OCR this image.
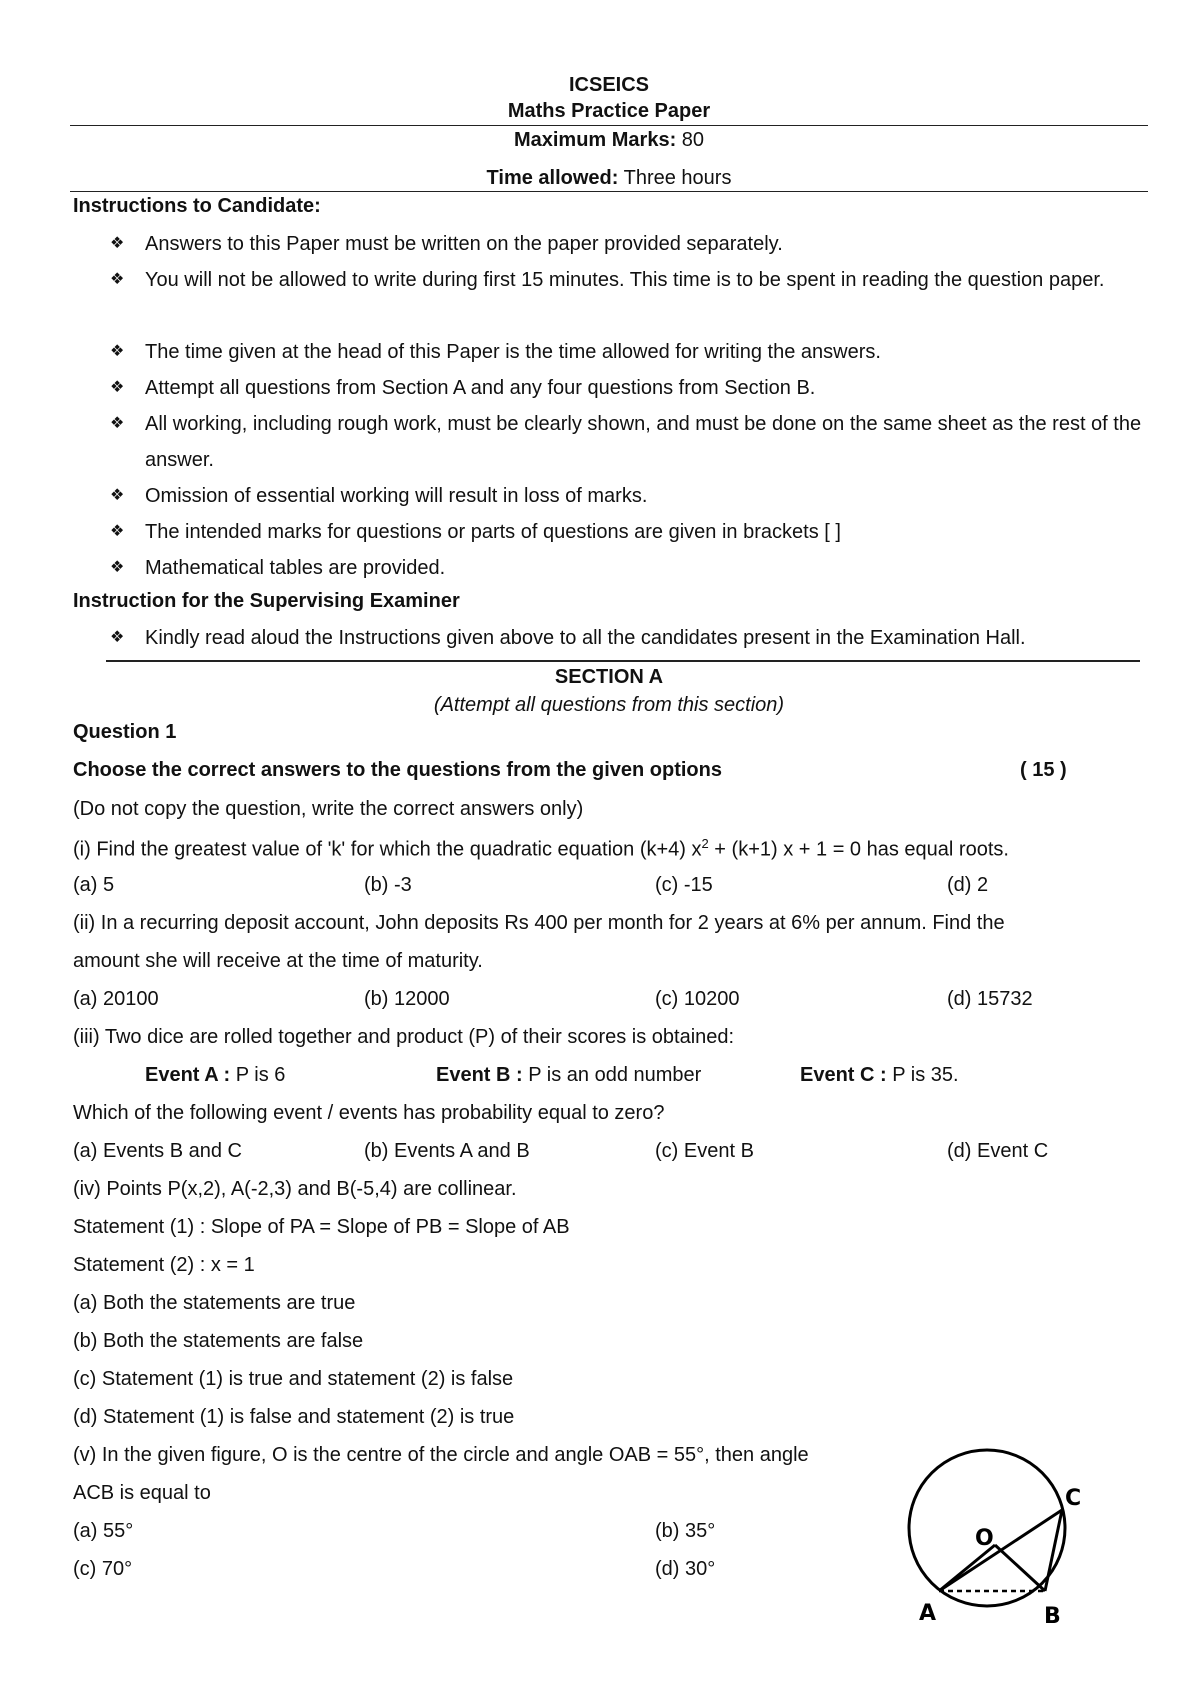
ICSEICS
Maths Practice Paper
Maximum Marks: 80
Time allowed: Three hours
Instructions to Candidate:
❖	Answers to this Paper must be written on the paper provided separately.
❖	You will not be allowed to write during first 15 minutes. This time is to be spent in reading the question paper.
❖	The time given at the head of this Paper is the time allowed for writing the answers.
❖	Attempt all questions from Section A and any four questions from Section B.
❖	All working, including rough work, must be clearly shown, and must be done on the same sheet as the rest of the answer.
❖	Omission of essential working will result in loss of marks.
❖	The intended marks for questions or parts of questions are given in brackets [ ]
❖	Mathematical tables are provided.
Instruction for the Supervising Examiner
❖	Kindly read aloud the Instructions given above to all the candidates present in the Examination Hall.
SECTION A
(Attempt all questions from this section)
Question 1
Choose the correct answers to the questions from the given options	( 15 )
(Do not copy the question, write the correct answers only)
(i) Find the greatest value of 'k' for which the quadratic equation (k+4) $x^2 + (k+1) x + 1 = 0$ has equal roots.
(a) 5	(b) -3	(c) -15	(d) 2
(ii) In a recurring deposit account, John deposits Rs 400 per month for 2 years at 6% per annum. Find the
amount she will receive at the time of maturity.
(a) 20100	(b) 12000	(c) 10200	(d) 15732
(iii) Two dice are rolled together and product (P) of their scores is obtained:
Event A : P is 6	Event B : P is an odd number	Event C : P is 35.
Which of the following event / events has probability equal to zero?
(a) Events B and C	(b) Events A and B	(c) Event B	(d) Event C
(iv) Points P(x,2), A(-2,3) and B(-5,4) are collinear.
Statement (1) : Slope of PA = Slope of PB = Slope of AB
Statement (2) : x = 1
(a) Both the statements are true
(b) Both the statements are false
(c) Statement (1) is true and statement (2) is false
(d) Statement (1) is false and statement (2) is true
(v) In the given figure, O is the centre of the circle and angle OAB = 55°, then angle
ACB is equal to
(a) 55°	(b) 35°
(c) 70°	(d) 30°
O
A	B
C
